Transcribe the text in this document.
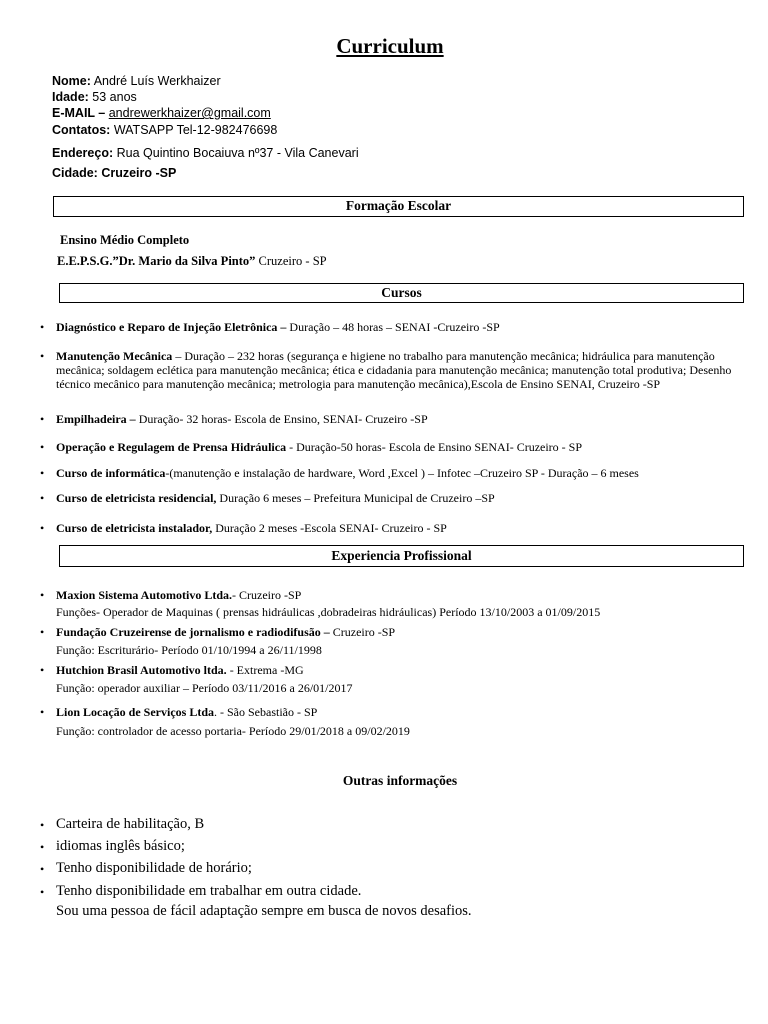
Curriculum
Nome: André Luís Werkhaizer
Idade: 53 anos
E-MAIL – andrewerkhaizer@gmail.com
Contatos: WATSAPP Tel-12-982476698
Endereço: Rua Quintino Bocaiuva nº37 - Vila Canevari
Cidade: Cruzeiro -SP
Formação Escolar
Ensino Médio Completo
E.E.P.S.G.”Dr. Mario da Silva Pinto” Cruzeiro - SP
Cursos
• Diagnóstico e Reparo de Injeção Eletrônica – Duração – 48 horas – SENAI -Cruzeiro -SP
• Manutenção Mecânica – Duração – 232 horas (segurança e higiene no trabalho para manutenção mecânica; hidráulica para manutenção mecânica; soldagem eclética para manutenção mecânica; ética e cidadania para manutenção mecânica; manutenção total produtiva; Desenho técnico mecânico para manutenção mecânica; metrologia para manutenção mecânica),Escola de Ensino SENAI, Cruzeiro -SP
• Empilhadeira – Duração- 32 horas- Escola de Ensino, SENAI- Cruzeiro -SP
• Operação e Regulagem de Prensa Hidráulica - Duração-50 horas- Escola de Ensino SENAI- Cruzeiro - SP
• Curso de informática-(manutenção e instalação de hardware, Word ,Excel ) – Infotec –Cruzeiro SP - Duração – 6 meses
• Curso de eletricista residencial, Duração 6 meses – Prefeitura Municipal de Cruzeiro –SP
• Curso de eletricista instalador, Duração 2 meses -Escola SENAI- Cruzeiro - SP
Experiencia Profissional
• Maxion Sistema Automotivo Ltda.- Cruzeiro -SP
Funções- Operador de Maquinas ( prensas hidráulicas ,dobradeiras hidráulicas) Período 13/10/2003 a 01/09/2015
• Fundação Cruzeirense de jornalismo e radiodifusão – Cruzeiro -SP
Função: Escriturário- Período 01/10/1994 a 26/11/1998
• Hutchion Brasil Automotivo ltda. - Extrema -MG
Função: operador auxiliar – Período 03/11/2016 a 26/01/2017
• Lion Locação de Serviços Ltda. - São Sebastião - SP
Função: controlador de acesso portaria- Período 29/01/2018 a 09/02/2019
Outras informações
• Carteira de habilitação, B
• idiomas inglês básico;
• Tenho disponibilidade de horário;
• Tenho disponibilidade em trabalhar em outra cidade.
Sou uma pessoa de fácil adaptação sempre em busca de novos desafios.
